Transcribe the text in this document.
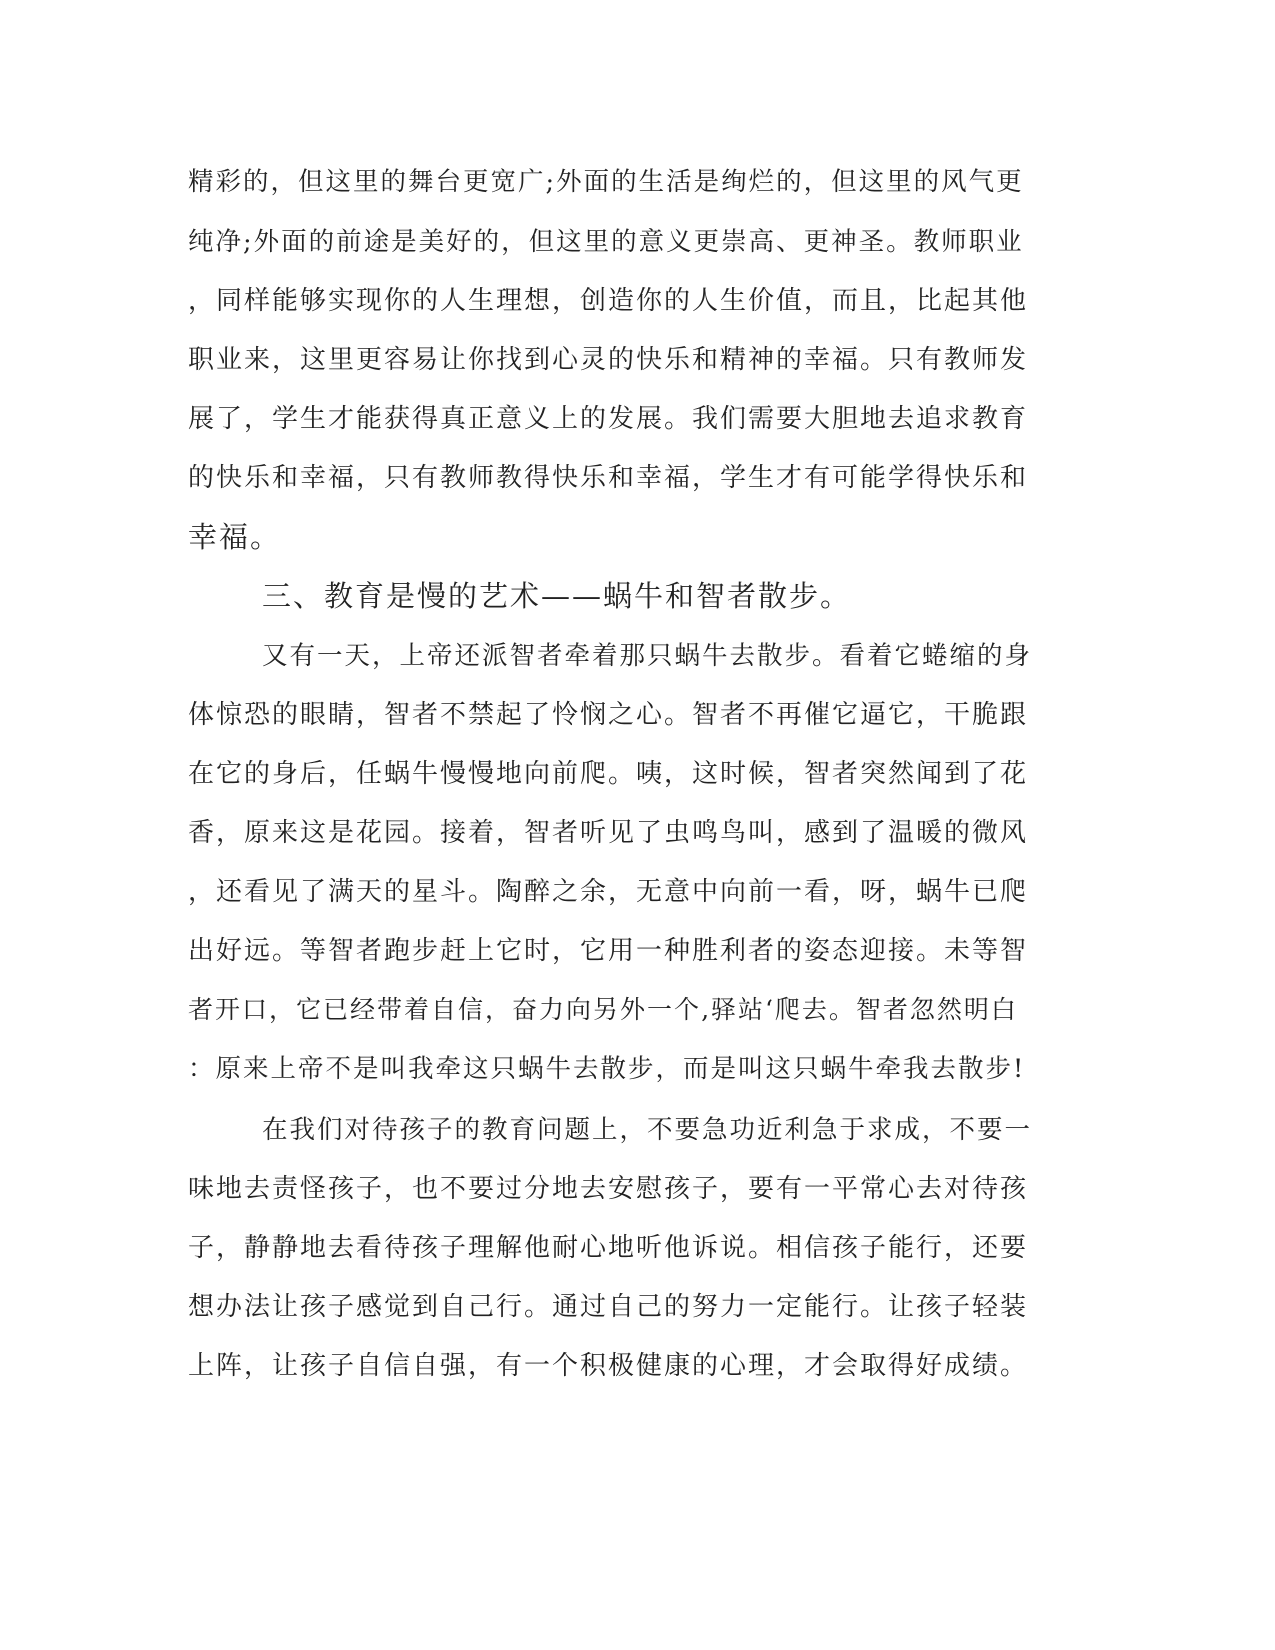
精彩的，但这里的舞台更宽广;外面的生活是绚烂的，但这里的风气更
纯净;外面的前途是美好的，但这里的意义更崇高、更神圣。教师职业
，同样能够实现你的人生理想，创造你的人生价值，而且，比起其他
职业来，这里更容易让你找到心灵的快乐和精神的幸福。只有教师发
展了，学生才能获得真正意义上的发展。我们需要大胆地去追求教育
的快乐和幸福，只有教师教得快乐和幸福，学生才有可能学得快乐和
幸福。
三、教育是慢的艺术——蜗牛和智者散步。
又有一天，上帝还派智者牵着那只蜗牛去散步。看着它蜷缩的身
体惊恐的眼睛，智者不禁起了怜悯之心。智者不再催它逼它，干脆跟
在它的身后，任蜗牛慢慢地向前爬。咦，这时候，智者突然闻到了花
香，原来这是花园。接着，智者听见了虫鸣鸟叫，感到了温暖的微风
，还看见了满天的星斗。陶醉之余，无意中向前一看，呀，蜗牛已爬
出好远。等智者跑步赶上它时，它用一种胜利者的姿态迎接。未等智
者开口，它已经带着自信，奋力向另外一个‚驿站‘爬去。智者忽然明白
：原来上帝不是叫我牵这只蜗牛去散步，而是叫这只蜗牛牵我去散步!
在我们对待孩子的教育问题上，不要急功近利急于求成，不要一
味地去责怪孩子，也不要过分地去安慰孩子，要有一平常心去对待孩
子，静静地去看待孩子理解他耐心地听他诉说。相信孩子能行，还要
想办法让孩子感觉到自己行。通过自己的努力一定能行。让孩子轻装
上阵，让孩子自信自强，有一个积极健康的心理，才会取得好成绩。
